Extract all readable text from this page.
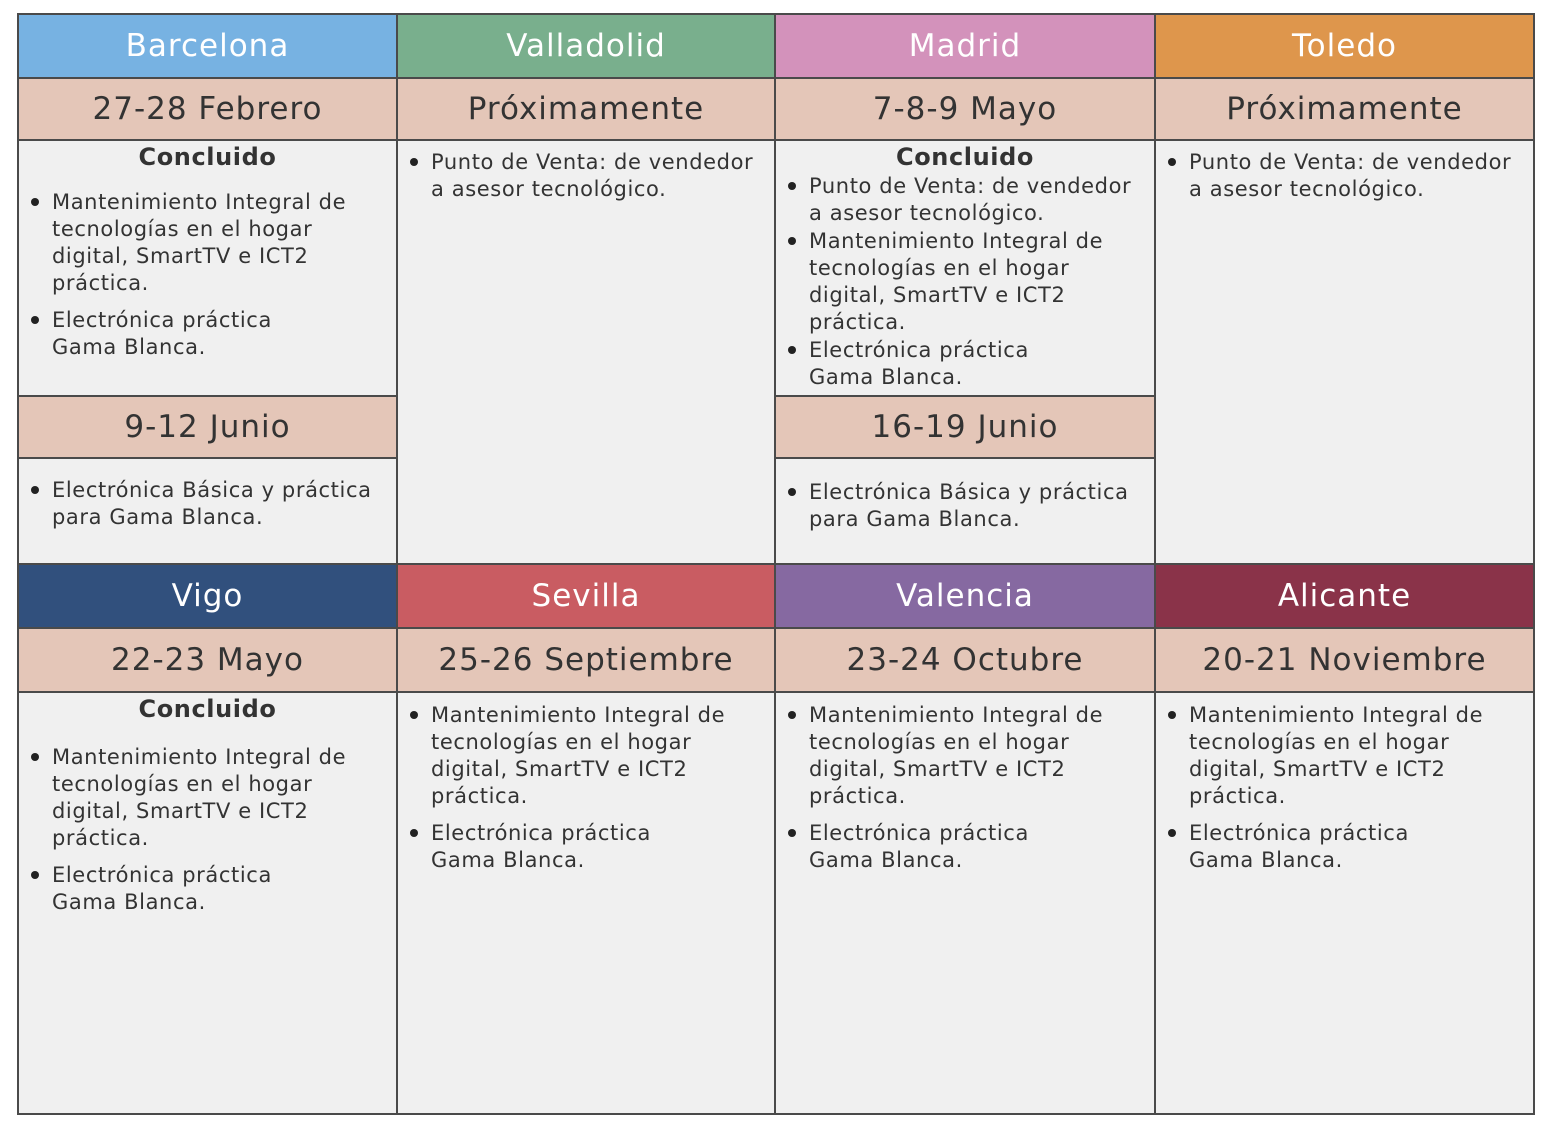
Barcelona
27-28 Febrero
Concluido
Mantenimiento Integral de
tecnologías en el hogar
digital, SmartTV e ICT2
práctica.
Electrónica práctica
Gama Blanca.
9-12 Junio
Electrónica Básica y práctica
para Gama Blanca.
Valladolid
Próximamente
Punto de Venta: de vendedor
a asesor tecnológico.
Madrid
7-8-9 Mayo
Concluido
Punto de Venta: de vendedor
a asesor tecnológico.
Mantenimiento Integral de
tecnologías en el hogar
digital, SmartTV e ICT2
práctica.
Electrónica práctica
Gama Blanca.
16-19 Junio
Electrónica Básica y práctica
para Gama Blanca.
Toledo
Próximamente
Punto de Venta: de vendedor
a asesor tecnológico.
Vigo
22-23 Mayo
Concluido
Mantenimiento Integral de
tecnologías en el hogar
digital, SmartTV e ICT2
práctica.
Electrónica práctica
Gama Blanca.
Sevilla
25-26 Septiembre
Mantenimiento Integral de
tecnologías en el hogar
digital, SmartTV e ICT2
práctica.
Electrónica práctica
Gama Blanca.
Valencia
23-24 Octubre
Mantenimiento Integral de
tecnologías en el hogar
digital, SmartTV e ICT2
práctica.
Electrónica práctica
Gama Blanca.
Alicante
20-21 Noviembre
Mantenimiento Integral de
tecnologías en el hogar
digital, SmartTV e ICT2
práctica.
Electrónica práctica
Gama Blanca.
